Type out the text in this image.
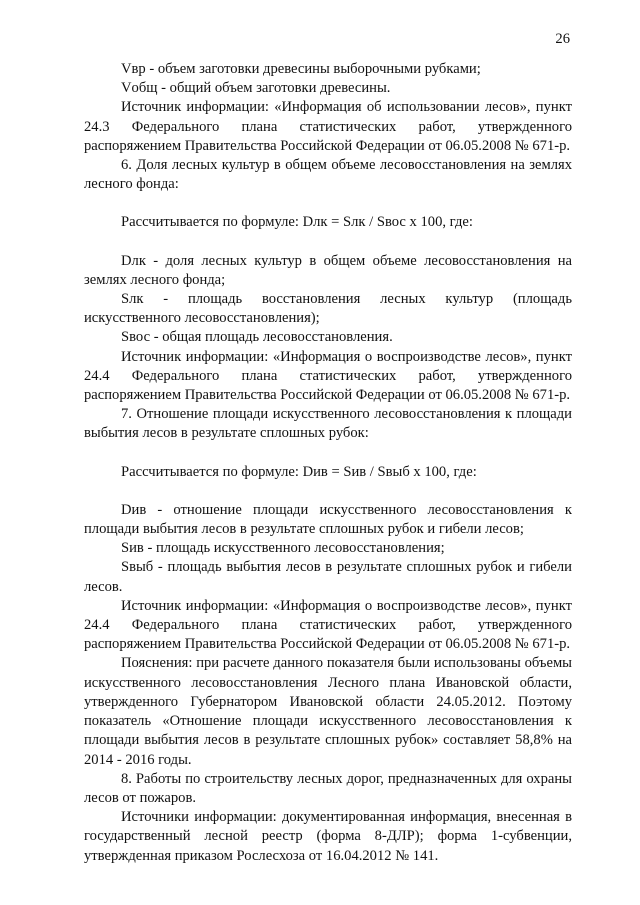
26

Vвр - объем заготовки древесины выборочными рубками;

Vобщ - общий объем заготовки древесины.

Источник информации: «Информация об использовании лесов», пункт 24.3 Федерального плана статистических работ, утвержденного распоряжением Правительства Российской Федерации от 06.05.2008 № 671-р.

6. Доля лесных культур в общем объеме лесовосстановления на землях лесного фонда:

Рассчитывается по формуле: Dлк = Sлк / Sвос х 100, где:

Dлк - доля лесных культур в общем объеме лесовосстановления на землях лесного фонда;

Sлк - площадь восстановления лесных культур (площадь искусственного лесовосстановления);

Sвос - общая площадь лесовосстановления.

Источник информации: «Информация о воспроизводстве лесов», пункт 24.4 Федерального плана статистических работ, утвержденного распоряжением Правительства Российской Федерации от 06.05.2008 № 671-р.

7. Отношение площади искусственного лесовосстановления к площади выбытия лесов в результате сплошных рубок:

Рассчитывается по формуле: Dив = Sив / Sвыб х 100, где:

Dив - отношение площади искусственного лесовосстановления к площади выбытия лесов в результате сплошных рубок и гибели лесов;

Sив - площадь искусственного лесовосстановления;

Sвыб - площадь выбытия лесов в результате сплошных рубок и гибели лесов.

Источник информации: «Информация о воспроизводстве лесов», пункт 24.4 Федерального плана статистических работ, утвержденного распоряжением Правительства Российской Федерации от 06.05.2008 № 671-р.

Пояснения: при расчете данного показателя были использованы объемы искусственного лесовосстановления Лесного плана Ивановской области, утвержденного Губернатором Ивановской области 24.05.2012. Поэтому показатель «Отношение площади искусственного лесовосстановления к площади выбытия лесов в результате сплошных рубок» составляет 58,8% на 2014 - 2016 годы.

8. Работы по строительству лесных дорог, предназначенных для охраны лесов от пожаров.

Источники информации: документированная информация, внесенная в государственный лесной реестр (форма 8-ДЛР); форма 1-субвенции, утвержденная приказом Рослесхоза от 16.04.2012 № 141.
